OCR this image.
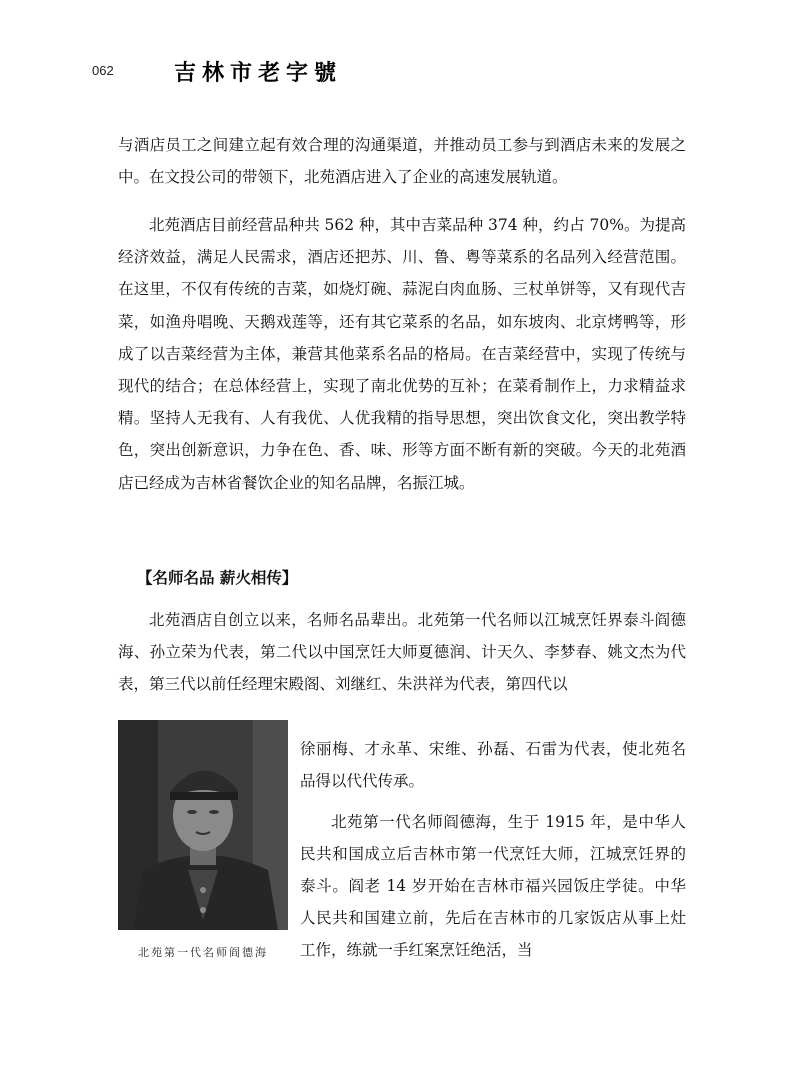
062	吉林市老字號

与酒店员工之间建立起有效合理的沟通渠道，并推动员工参与到酒店未来的发展之中。在文投公司的带领下，北苑酒店进入了企业的高速发展轨道。

北苑酒店目前经营品种共 562 种，其中吉菜品种 374 种，约占 70%。为提高经济效益，满足人民需求，酒店还把苏、川、鲁、粤等菜系的名品列入经营范围。在这里，不仅有传统的吉菜，如烧灯碗、蒜泥白肉血肠、三杖单饼等，又有现代吉菜，如渔舟唱晚、天鹅戏莲等，还有其它菜系的名品，如东坡肉、北京烤鸭等，形成了以吉菜经营为主体，兼营其他菜系名品的格局。在吉菜经营中，实现了传统与现代的结合；在总体经营上，实现了南北优势的互补；在菜肴制作上，力求精益求精。坚持人无我有、人有我优、人优我精的指导思想，突出饮食文化，突出教学特色，突出创新意识，力争在色、香、味、形等方面不断有新的突破。今天的北苑酒店已经成为吉林省餐饮企业的知名品牌，名振江城。

【名师名品 薪火相传】

北苑酒店自创立以来，名师名品辈出。北苑第一代名师以江城烹饪界泰斗阎德海、孙立荣为代表，第二代以中国烹饪大师夏德润、计天久、李梦春、姚文杰为代表，第三代以前任经理宋殿阁、刘继红、朱洪祥为代表，第四代以

北苑第一代名师阎德海

徐丽梅、才永革、宋维、孙磊、石雷为代表，使北苑名品得以代代传承。

北苑第一代名师阎德海，生于 1915 年，是中华人民共和国成立后吉林市第一代烹饪大师，江城烹饪界的泰斗。阎老 14 岁开始在吉林市福兴园饭庄学徒。中华人民共和国建立前，先后在吉林市的几家饭店从事上灶工作，练就一手红案烹饪绝活，当
